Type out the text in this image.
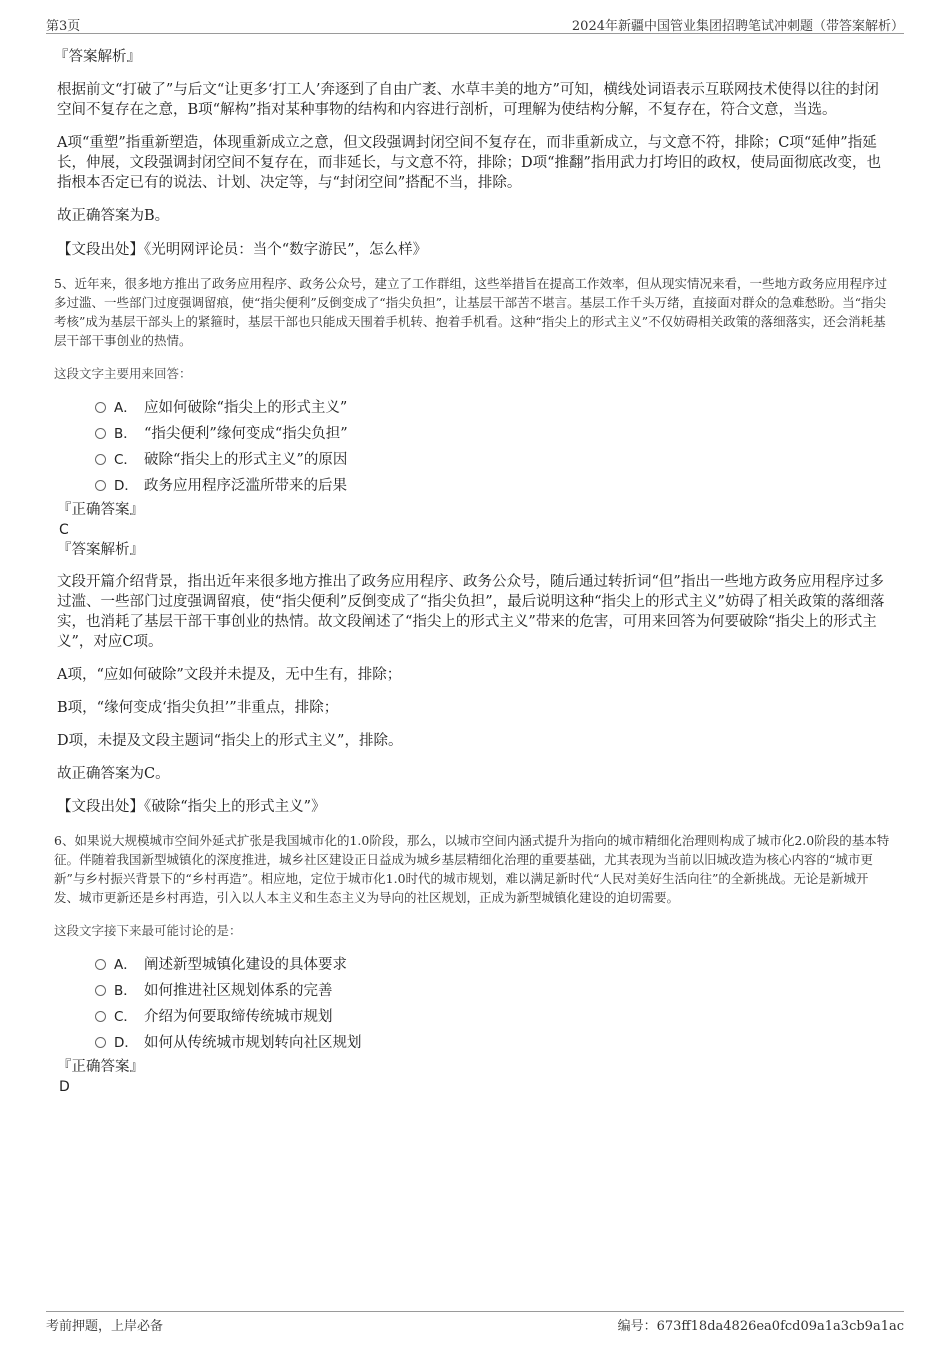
第3页	2024年新疆中国管业集团招聘笔试冲刺题（带答案解析）
『答案解析』

根据前文“打破了”与后文“让更多‘打工人’奔逐到了自由广袤、水草丰美的地方”可知，横线处词语表示互联网技术使得以往的封闭空间不复存在之意，B项“解构”指对某种事物的结构和内容进行剖析，可理解为使结构分解，不复存在，符合文意，当选。

A项“重塑”指重新塑造，体现重新成立之意，但文段强调封闭空间不复存在，而非重新成立，与文意不符，排除；C项“延伸”指延长，伸展，文段强调封闭空间不复存在，而非延长，与文意不符，排除；D项“推翻”指用武力打垮旧的政权，使局面彻底改变，也指根本否定已有的说法、计划、决定等，与“封闭空间”搭配不当，排除。

故正确答案为B。

【文段出处】《光明网评论员：当个“数字游民”，怎么样》
5、近年来，很多地方推出了政务应用程序、政务公众号，建立了工作群组，这些举措旨在提高工作效率，但从现实情况来看，一些地方政务应用程序过多过滥、一些部门过度强调留痕，使“指尖便利”反倒变成了“指尖负担”，让基层干部苦不堪言。基层工作千头万绪，直接面对群众的急难愁盼。当“指尖考核”成为基层干部头上的紧箍时，基层干部也只能成天围着手机转、抱着手机看。这种“指尖上的形式主义”不仅妨碍相关政策的落细落实，还会消耗基层干部干事创业的热情。
这段文字主要用来回答：
A． 应如何破除“指尖上的形式主义”
B． “指尖便利”缘何变成“指尖负担”
C． 破除“指尖上的形式主义”的原因
D． 政务应用程序泛滥所带来的后果
『正确答案』
C
『答案解析』

文段开篇介绍背景，指出近年来很多地方推出了政务应用程序、政务公众号，随后通过转折词“但”指出一些地方政务应用程序过多过滥、一些部门过度强调留痕，使“指尖便利”反倒变成了“指尖负担”，最后说明这种“指尖上的形式主义”妨碍了相关政策的落细落实，也消耗了基层干部干事创业的热情。故文段阐述了“指尖上的形式主义”带来的危害，可用来回答为何要破除“指尖上的形式主义”，对应C项。

A项，“应如何破除”文段并未提及，无中生有，排除；

B项，“缘何变成‘指尖负担’”非重点，排除；

D项，未提及文段主题词“指尖上的形式主义”，排除。

故正确答案为C。

【文段出处】《破除“指尖上的形式主义”》
6、如果说大规模城市空间外延式扩张是我国城市化的1.0阶段，那么，以城市空间内涵式提升为指向的城市精细化治理则构成了城市化2.0阶段的基本特征。伴随着我国新型城镇化的深度推进，城乡社区建设正日益成为城乡基层精细化治理的重要基础，尤其表现为当前以旧城改造为核心内容的“城市更新”与乡村振兴背景下的“乡村再造”。相应地，定位于城市化1.0时代的城市规划，难以满足新时代“人民对美好生活向往”的全新挑战。无论是新城开发、城市更新还是乡村再造，引入以人本主义和生态主义为导向的社区规划，正成为新型城镇化建设的迫切需要。
这段文字接下来最可能讨论的是：
A． 阐述新型城镇化建设的具体要求
B． 如何推进社区规划体系的完善
C． 介绍为何要取缔传统城市规划
D． 如何从传统城市规划转向社区规划
『正确答案』
D
考前押题，上岸必备	编号：673ff18da4826ea0fcd09a1a3cb9a1ac
